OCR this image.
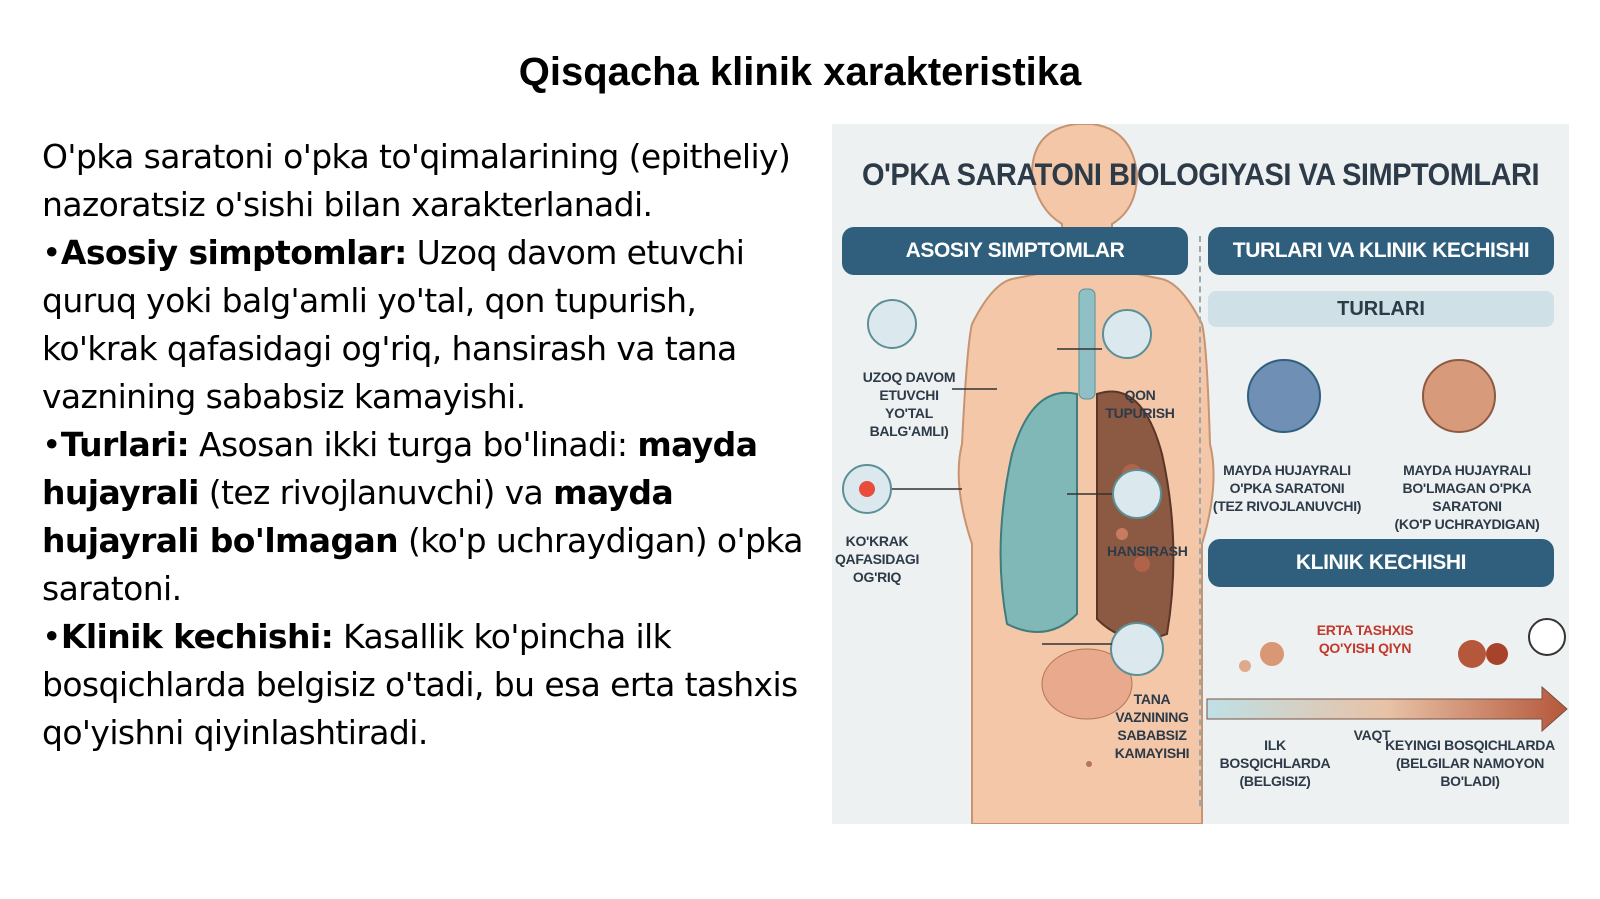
Qisqacha klinik xarakteristika

O'pka saratoni o'pka to'qimalarining (epitheliy) nazoratsiz o'sishi bilan xarakterlanadi.

•Asosiy simptomlar: Uzoq davom etuvchi quruq yoki balg'amli yo'tal, qon tupurish, ko'krak qafasidagi og'riq, hansirash va tana vaznining sababsiz kamayishi.

•Turlari: Asosan ikki turga bo'linadi: mayda hujayrali (tez rivojlanuvchi) va mayda hujayrali bo'lmagan (ko'p uchraydigan) o'pka saratoni.

•Klinik kechishi: Kasallik ko'pincha ilk bosqichlarda belgisiz o'tadi, bu esa erta tashxis qo'yishni qiyinlashtiradi.

O'PKA SARATONI BIOLOGIYASI VA SIMPTOMLARI
ASOSIY SIMPTOMLAR	TURLARI VA KLINIK KECHISHI
TURLARI
KLINIK KECHISHI
UZOQ DAVOM
ETUVCHI YO'TAL
BALG'AMLI)
QON TUPURISH
KO'KRAK
QAFASIDAGI
OG'RIQ
HANSIRASH
TANA
VAZNINING
SABABSIZ
KAMAYISHI
MAYDA HUJAYRALI
O'PKA SARATONI
(TEZ RIVOJLANUVCHI)
MAYDA HUJAYRALI
BO'LMAGAN O'PKA SARATONI
(KO'P UCHRAYDIGAN)
ERTA TASHXIS
QO'YISH QIYN
VAQT
ILK BOSQICHLARDA
(BELGISIZ)
KEYINGI BOSQICHLARDA
(BELGILAR NAMOYON BO'LADI)
